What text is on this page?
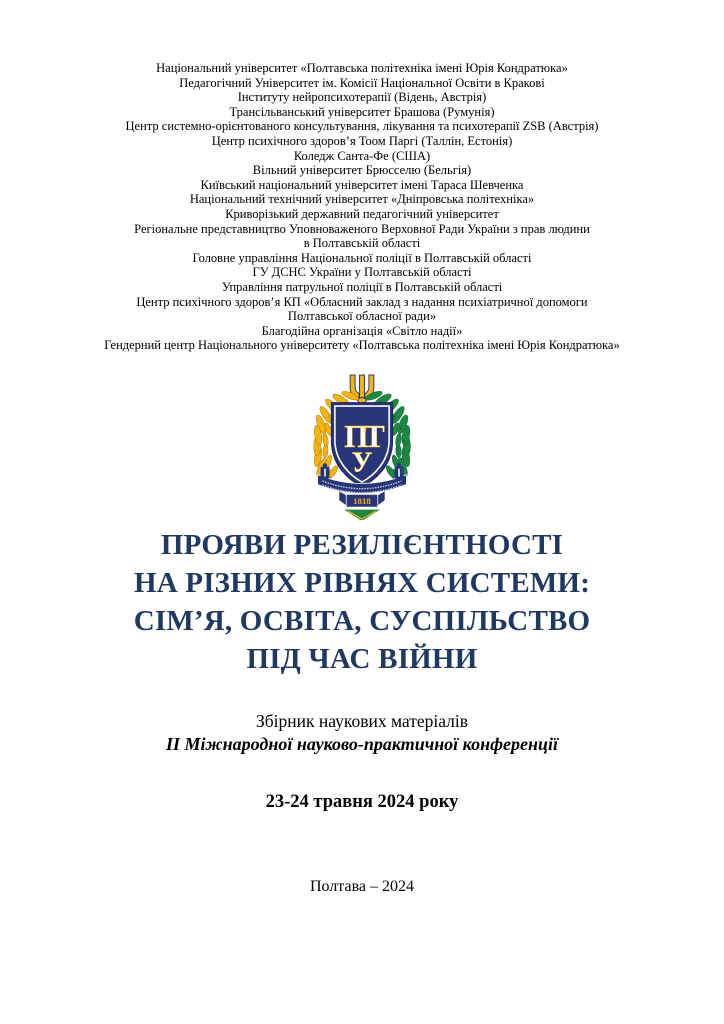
Національний університет «Полтавська політехніка імені Юрія Кондратюка»
Педагогічний Університет ім. Комісії Національної Освіти в Кракові
Інституту нейропсихотерапії (Відень, Австрія)
Трансільванський університет Брашова (Румунія)
Центр системно-орієнтованого консультування, лікування та психотерапії ZSB (Австрія)
Центр психічного здоров’я Тоом Паргі (Таллін, Естонія)
Коледж Санта-Фе (США)
Вільний університет Брюсселю (Бельгія)
Київський національний університет імені Тараса Шевченка
Національний технічний університет «Дніпровська політехніка»
Криворізький державний педагогічний університет
Регіональне представництво Уповноваженого Верховної Ради України з прав людини
в Полтавській області
Головне управління Національної поліції в Полтавській області
ГУ ДСНС України у Полтавській області
Управління патрульної поліції в Полтавській області
Центр психічного здоров’я КП «Обласний заклад з надання психіатричної допомоги
Полтавської обласної ради»
Благодійна організація «Світло надії»
Гендерний центр Національного університету «Полтавська політехніка імені Юрія Кондратюка»
ПТ
У
1818
ПРОЯВИ РЕЗИЛІЄНТНОСТІ
НА РІЗНИХ РІВНЯХ СИСТЕМИ:
СІМ’Я, ОСВІТА, СУСПІЛЬСТВО
ПІД ЧАС ВІЙНИ
Збірник наукових матеріалів
ІІ Міжнародної науково-практичної конференції
23-24 травня 2024 року
Полтава – 2024
